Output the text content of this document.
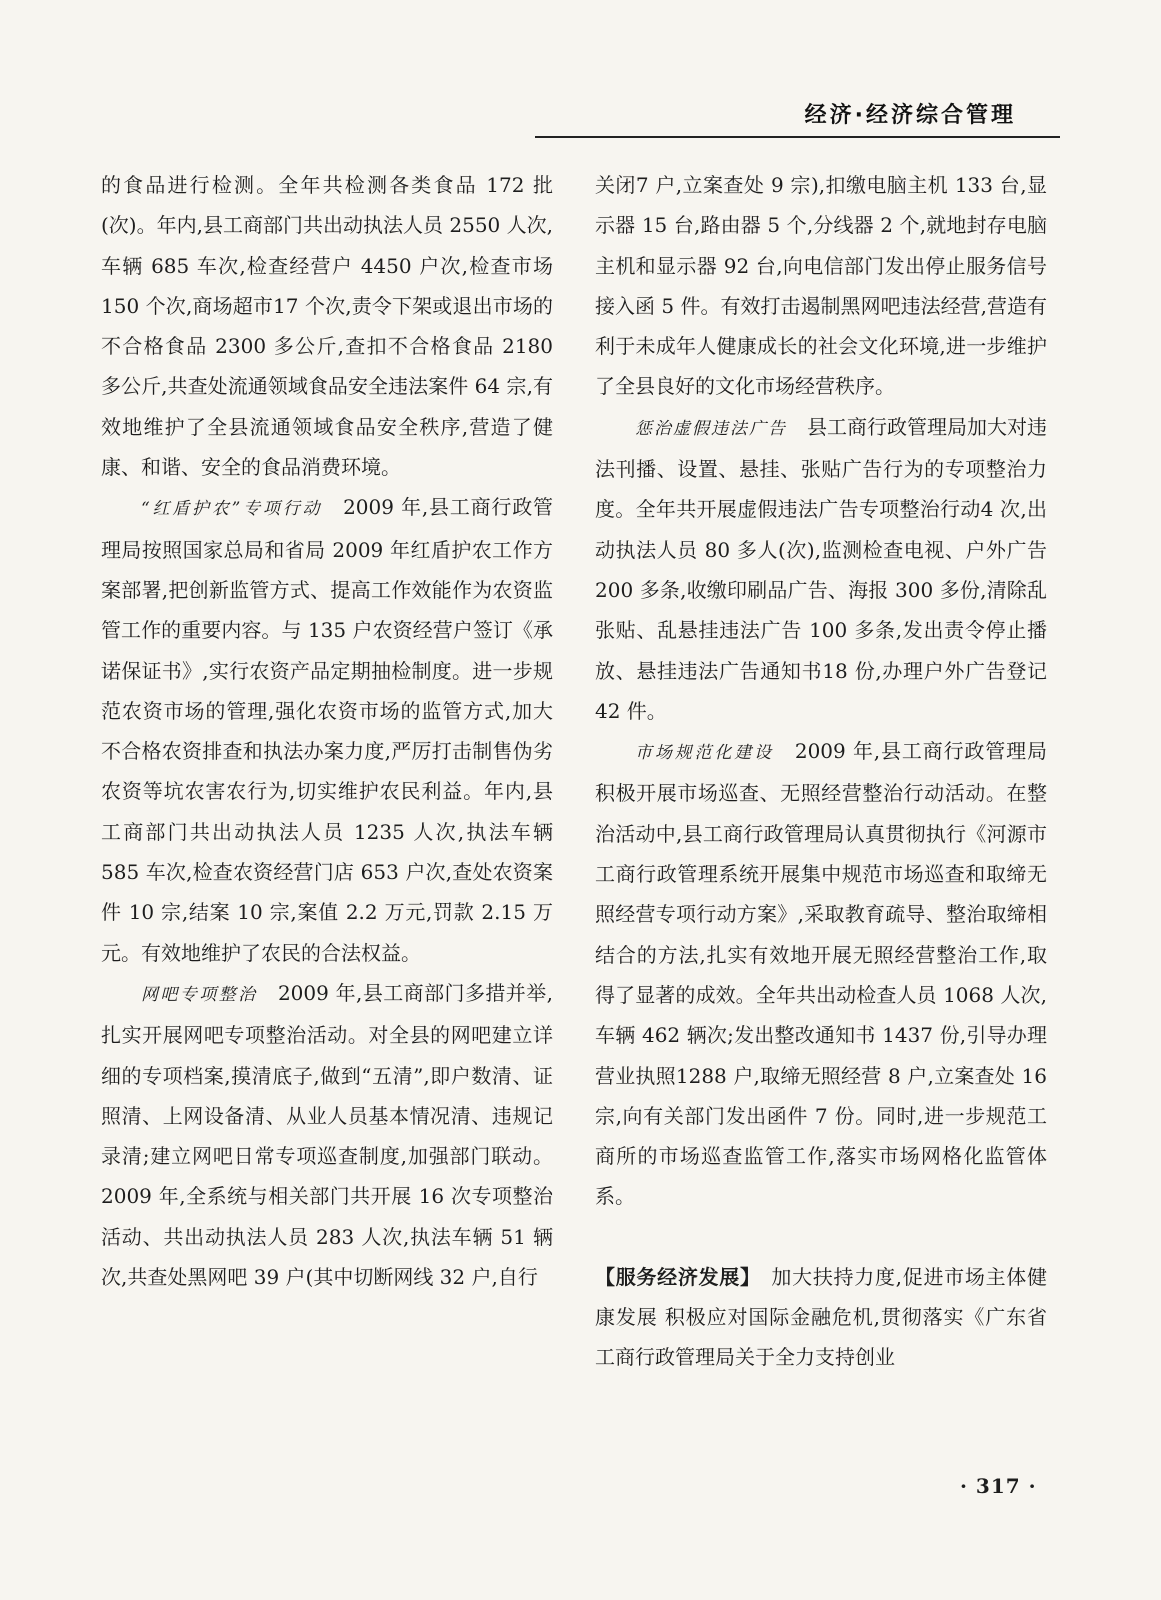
经济·经济综合管理

的食品进行检测。全年共检测各类食品 172 批(次)。年内,县工商部门共出动执法人员 2550 人次,车辆 685 车次,检查经营户 4450 户次,检查市场150 个次,商场超市17 个次,责令下架或退出市场的不合格食品 2300 多公斤,查扣不合格食品 2180 多公斤,共查处流通领域食品安全违法案件 64 宗,有效地维护了全县流通领域食品安全秩序,营造了健康、和谐、安全的食品消费环境。

“红盾护农”专项行动　 2009 年,县工商行政管理局按照国家总局和省局 2009 年红盾护农工作方案部署,把创新监管方式、提高工作效能作为农资监管工作的重要内容。与 135 户农资经营户签订《承诺保证书》,实行农资产品定期抽检制度。进一步规范农资市场的管理,强化农资市场的监管方式,加大不合格农资排查和执法办案力度,严厉打击制售伪劣农资等坑农害农行为,切实维护农民利益。年内,县工商部门共出动执法人员 1235 人次,执法车辆 585 车次,检查农资经营门店 653 户次,查处农资案件 10 宗,结案 10 宗,案值 2.2 万元,罚款 2.15 万元。有效地维护了农民的合法权益。

网吧专项整治　 2009 年,县工商部门多措并举,扎实开展网吧专项整治活动。对全县的网吧建立详细的专项档案,摸清底子,做到“五清”,即户数清、证照清、上网设备清、从业人员基本情况清、违规记录清;建立网吧日常专项巡查制度,加强部门联动。2009 年,全系统与相关部门共开展 16 次专项整治活动、共出动执法人员 283 人次,执法车辆 51 辆次,共查处黑网吧 39 户(其中切断网线 32 户,自行

关闭7 户,立案查处 9 宗),扣缴电脑主机 133 台,显示器 15 台,路由器 5 个,分线器 2 个,就地封存电脑主机和显示器 92 台,向电信部门发出停止服务信号接入函 5 件。有效打击遏制黑网吧违法经营,营造有利于未成年人健康成长的社会文化环境,进一步维护了全县良好的文化市场经营秩序。

惩治虚假违法广告　 县工商行政管理局加大对违法刊播、设置、悬挂、张贴广告行为的专项整治力度。全年共开展虚假违法广告专项整治行动4 次,出动执法人员 80 多人(次),监测检查电视、户外广告 200 多条,收缴印刷品广告、海报 300 多份,清除乱张贴、乱悬挂违法广告 100 多条,发出责令停止播放、悬挂违法广告通知书18 份,办理户外广告登记42 件。

市场规范化建设　 2009 年,县工商行政管理局积极开展市场巡查、无照经营整治行动活动。在整治活动中,县工商行政管理局认真贯彻执行《河源市工商行政管理系统开展集中规范市场巡查和取缔无照经营专项行动方案》,采取教育疏导、整治取缔相结合的方法,扎实有效地开展无照经营整治工作,取得了显著的成效。全年共出动检查人员 1068 人次,车辆 462 辆次;发出整改通知书 1437 份,引导办理营业执照1288 户,取缔无照经营 8 户,立案查处 16 宗,向有关部门发出函件 7 份。同时,进一步规范工商所的市场巡查监管工作,落实市场网格化监管体系。

【服务经济发展】　 加大扶持力度,促进市场主体健康发展 积极应对国际金融危机,贯彻落实《广东省工商行政管理局关于全力支持创业

· 317 ·
